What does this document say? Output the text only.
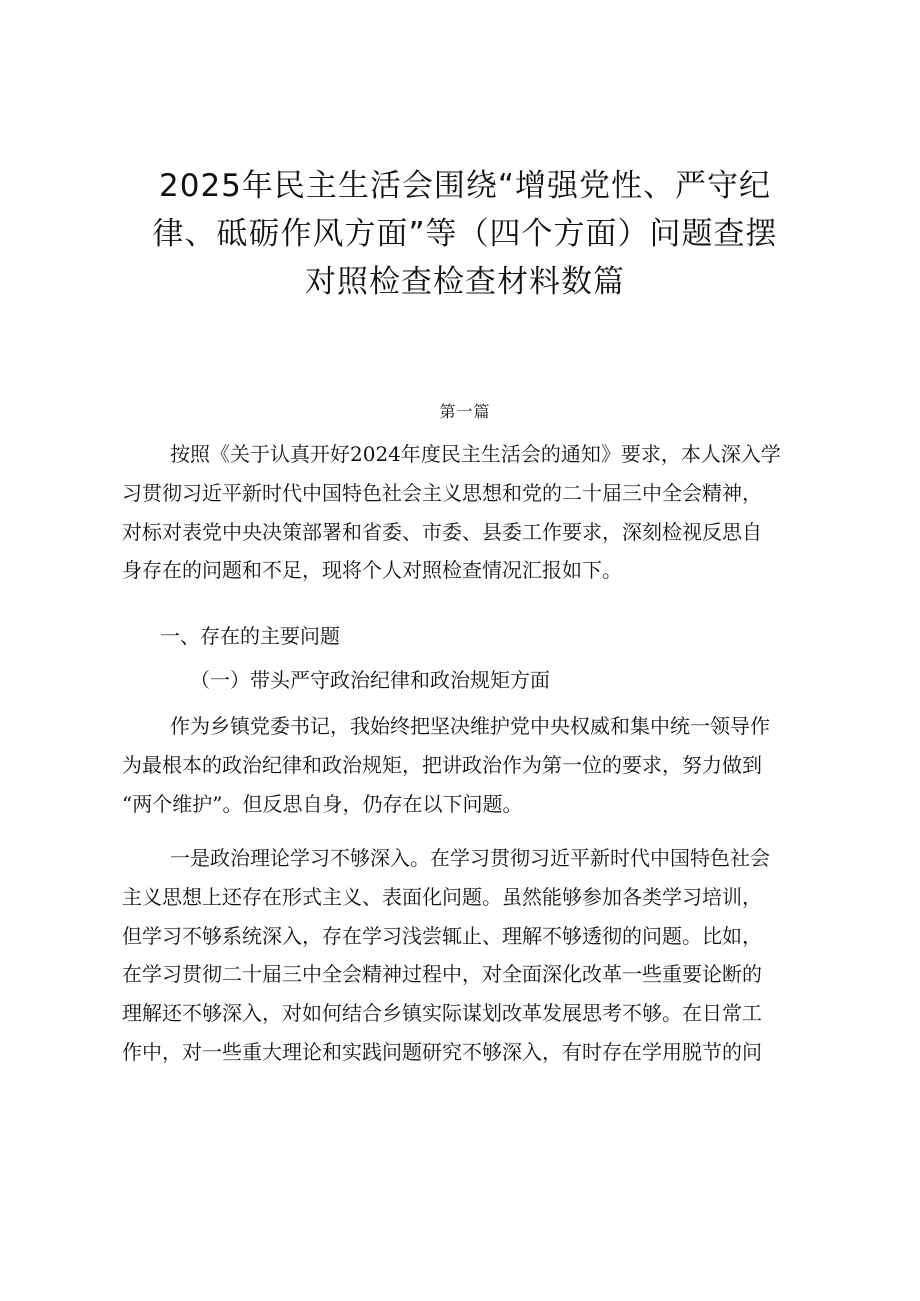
2025年民主生活会围绕“增强党性、严守纪
律、砥砺作风方面”等（四个方面）问题查摆
对照检查检查材料数篇

第一篇

按照《关于认真开好2024年度民主生活会的通知》要求，本人深入学
习贯彻习近平新时代中国特色社会主义思想和党的二十届三中全会精神，
对标对表党中央决策部署和省委、市委、县委工作要求，深刻检视反思自
身存在的问题和不足，现将个人对照检查情况汇报如下。

一、存在的主要问题

（一）带头严守政治纪律和政治规矩方面

作为乡镇党委书记，我始终把坚决维护党中央权威和集中统一领导作
为最根本的政治纪律和政治规矩，把讲政治作为第一位的要求，努力做到
“两个维护”。但反思自身，仍存在以下问题。

一是政治理论学习不够深入。在学习贯彻习近平新时代中国特色社会
主义思想上还存在形式主义、表面化问题。虽然能够参加各类学习培训，
但学习不够系统深入，存在学习浅尝辄止、理解不够透彻的问题。比如，
在学习贯彻二十届三中全会精神过程中，对全面深化改革一些重要论断的
理解还不够深入，对如何结合乡镇实际谋划改革发展思考不够。在日常工
作中，对一些重大理论和实践问题研究不够深入，有时存在学用脱节的问
